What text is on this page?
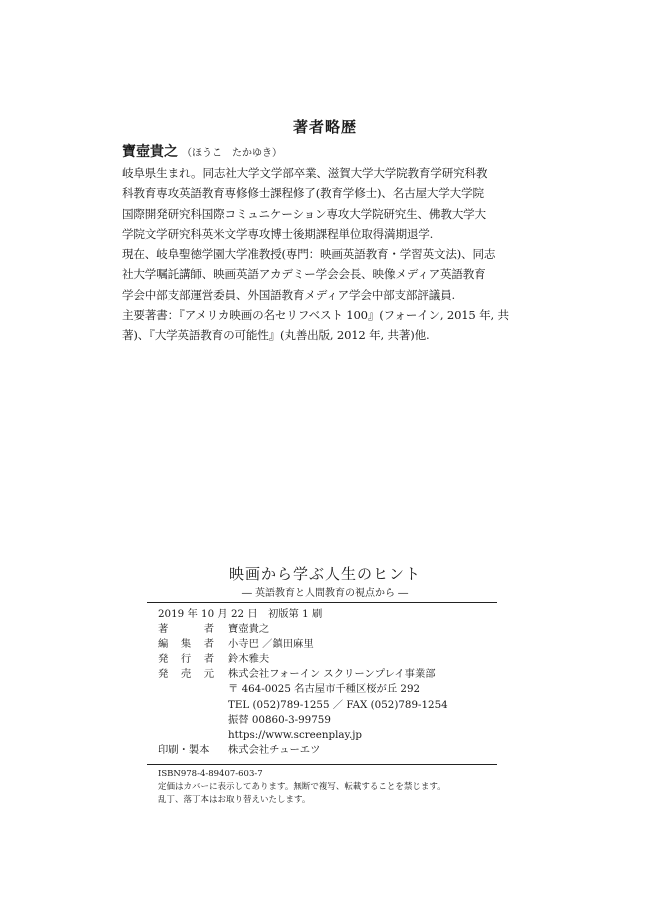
著者略歴
寶壺貴之 （ほうこ　たかゆき）
岐阜県生まれ。同志社大学文学部卒業、滋賀大学大学院教育学研究科教
科教育専攻英語教育専修修士課程修了(教育学修士)、名古屋大学大学院
国際開発研究科国際コミュニケーション専攻大学院研究生、佛教大学大
学院文学研究科英米文学専攻博士後期課程単位取得満期退学.
現在、岐阜聖徳学園大学准教授(専門：映画英語教育・学習英文法)、同志
社大学嘱託講師、映画英語アカデミー学会会長、映像メディア英語教育
学会中部支部運営委員、外国語教育メディア学会中部支部評議員.
主要著書：『アメリカ映画の名セリフベスト 100』(フォーイン, 2015 年, 共
著)、『大学英語教育の可能性』(丸善出版, 2012 年, 共著)他.
映画から学ぶ人生のヒント
― 英語教育と人間教育の視点から ―
2019 年 10 月 22 日　初版第 1 刷
著	者	寶壺貴之
編 集 者	小寺巴 ／鎮田麻里
発 行 者	鈴木雅夫
発 売 元	株式会社フォーイン スクリーンプレイ事業部
〒 464-0025 名古屋市千種区桜が丘 292
TEL (052)789-1255 ／ FAX (052)789-1254
振替 00860-3-99759
https://www.screenplay.jp
印刷・製本	株式会社チューエツ
ISBN978-4-89407-603-7
定価はカバーに表示してあります。無断で複写、転載することを禁じます。
乱丁、落丁本はお取り替えいたします。
